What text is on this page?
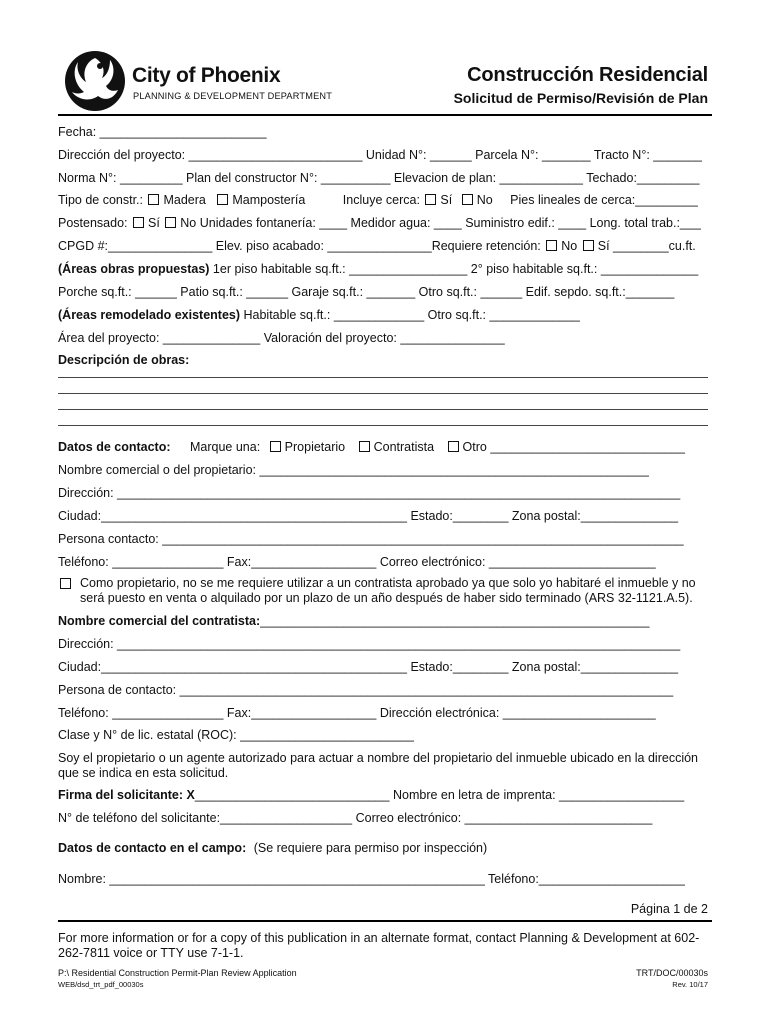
City of Phoenix
PLANNING & DEVELOPMENT DEPARTMENT
Construcción Residencial
Solicitud de Permiso/Revisión de Plan
Fecha: ________________________
Dirección del proyecto: _________________________ Unidad N°: ______ Parcela N°: _______ Tracto N°: _______
Norma N°: _________ Plan del constructor N°: __________ Elevacion de plan: ____________ Techado:_________
Tipo de constr.: Madera Mampostería	Incluye cerca: Sí No Pies lineales de cerca:_________
Postensado: Sí No Unidades fontanería: ____ Medidor agua: ____ Suministro edif.: ____ Long. total trab.:___
CPGD #:_______________ Elev. piso acabado: _______________Requiere retención: No Sí ________cu.ft.
(Áreas obras propuestas) 1er piso habitable sq.ft.: _________________ 2° piso habitable sq.ft.: ______________
Porche sq.ft.: ______ Patio sq.ft.: ______ Garaje sq.ft.: _______ Otro sq.ft.: ______ Edif. sepdo. sq.ft.:_______
(Áreas remodelado existentes) Habitable sq.ft.: _____________ Otro sq.ft.: _____________
Área del proyecto: ______________ Valoración del proyecto: _______________
Descripción de obras:
Datos de contacto: Marque una: Propietario Contratista Otro ____________________________
Nombre comercial o del propietario: ________________________________________________________
Dirección: _________________________________________________________________________________
Ciudad:____________________________________________ Estado:________ Zona postal:______________
Persona contacto: ___________________________________________________________________________
Teléfono: ________________ Fax:__________________ Correo electrónico: ________________________
Como propietario, no se me requiere utilizar a un contratista aprobado ya que solo yo habitaré el inmueble y no será puesto en venta o alquilado por un plazo de un año después de haber sido terminado (ARS 32-1121.A.5).
Nombre comercial del contratista:________________________________________________________
Dirección: _________________________________________________________________________________
Ciudad:____________________________________________ Estado:________ Zona postal:______________
Persona de contacto: _______________________________________________________________________
Teléfono: ________________ Fax:__________________ Dirección electrónica: ______________________
Clase y N° de lic. estatal (ROC): _________________________
Soy el propietario o un agente autorizado para actuar a nombre del propietario del inmueble ubicado en la dirección que se indica en esta solicitud.
Firma del solicitante: X____________________________ Nombre en letra de imprenta: __________________
N° de teléfono del solicitante:___________________ Correo electrónico: ___________________________
Datos de contacto en el campo: (Se requiere para permiso por inspección)
Nombre: ______________________________________________________ Teléfono:_____________________
Página 1 de 2
For more information or for a copy of this publication in an alternate format, contact Planning & Development at 602-262-7811 voice or TTY use 7-1-1.
P:\ Residential Construction Permit-Plan Review Application
WEB/dsd_trt_pdf_00030s
TRT/DOC/00030s
Rev. 10/17
